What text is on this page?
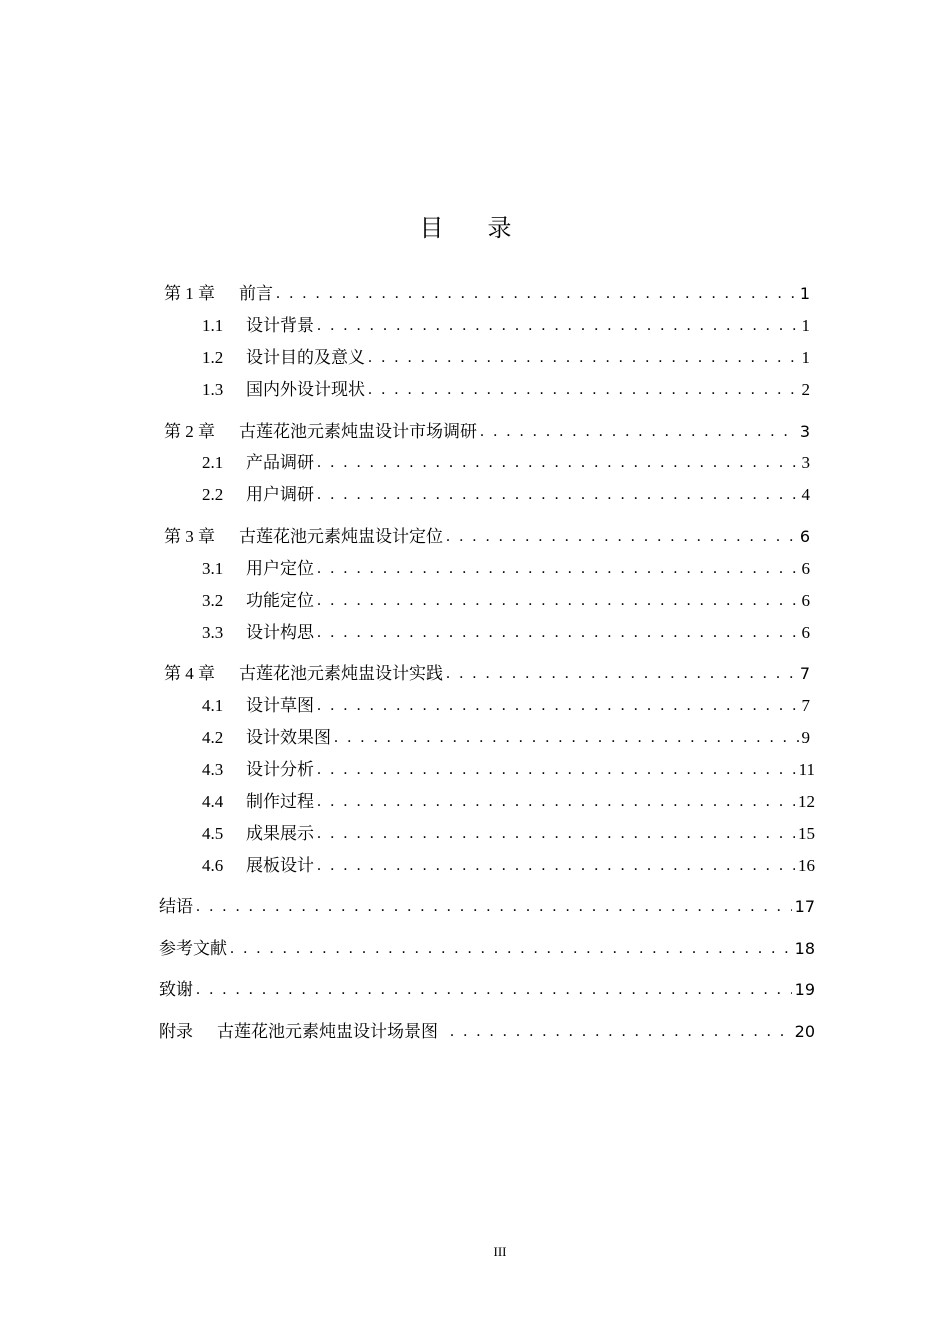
目录
第 1 章	前言 . . .	1
1.1	设计背景 . . .	1
1.2	设计目的及意义 . . .	1
1.3	国内外设计现状 . . .	2
第 2 章	古莲花池元素炖盅设计市场调研 . . .	3
2.1	产品调研 . . .	3
2.2	用户调研 . . .	4
第 3 章	古莲花池元素炖盅设计定位 . . .	6
3.1	用户定位 . . .	6
3.2	功能定位 . . .	6
3.3	设计构思 . . .	6
第 4 章	古莲花池元素炖盅设计实践 . . .	7
4.1	设计草图 . . .	7
4.2	设计效果图 . . .	9
4.3	设计分析 . . .	11
4.4	制作过程 . . .	12
4.5	成果展示 . . .	15
4.6	展板设计 . . .	16
结语 . . .	17
参考文献 . . .	18
致谢 . . .	19
附录	古莲花池元素炖盅设计场景图 . . .	20
III
